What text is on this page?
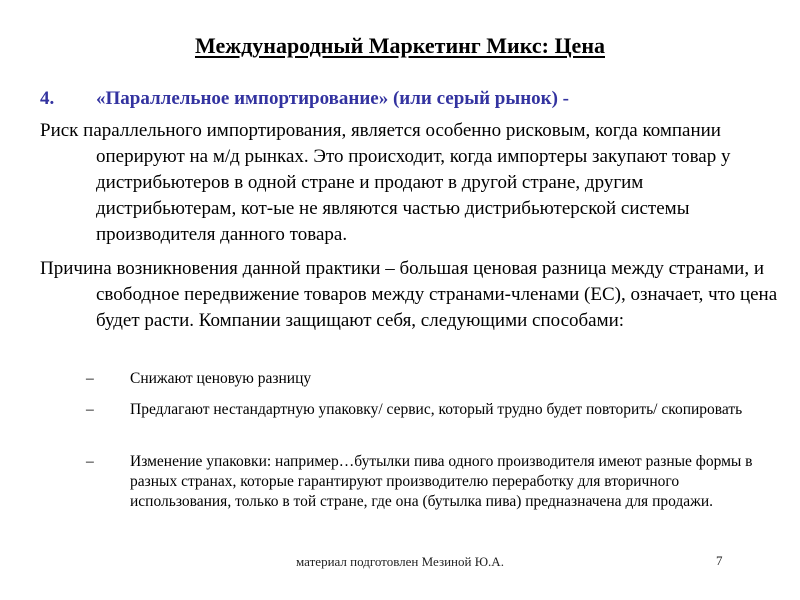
Международный Маркетинг Микс: Цена
4. «Параллельное импортирование» (или серый рынок) -
Риск параллельного импортирования, является особенно рисковым, когда компании оперируют на м/д рынках. Это происходит, когда импортеры закупают товар у дистрибьютеров в одной стране и продают в другой стране, другим дистрибьютерам, кот-ые не являются частью дистрибьютерской системы производителя данного товара.
Причина возникновения данной практики – большая ценовая разница между странами, и свободное передвижение товаров между странами-членами (ЕС), означает, что цена будет расти. Компании защищают себя, следующими способами:
– Снижают ценовую разницу
– Предлагают нестандартную упаковку/ сервис, который трудно будет повторить/ скопировать
– Изменение упаковки: например…бутылки пива одного производителя имеют разные формы в разных странах, которые гарантируют производителю переработку для вторичного использования, только в той стране, где она (бутылка пива) предназначена для продажи.
материал подготовлен Мезиной Ю.А.	7
